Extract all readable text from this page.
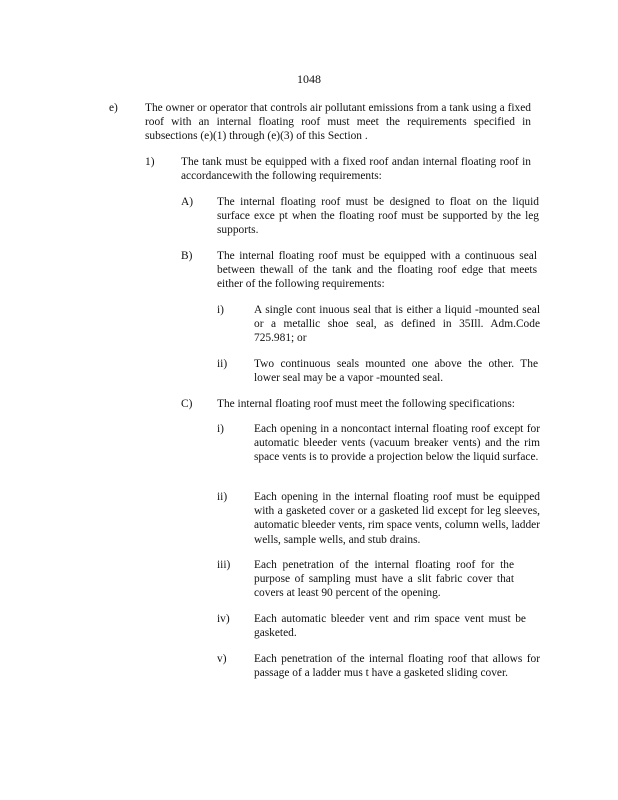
1048
e) The owner or operator that controls air pollutant emissions from a tank using a fixed roof with an internal floating roof must meet the requirements specified in subsections (e)(1) through (e)(3) of this Section .
1) The tank must be equipped with a fixed roof andan internal floating roof in accordancewith the following requirements:
A) The internal floating roof must be designed to float on the liquid surface exce pt when the floating roof must be supported by the leg supports.
B) The internal floating roof must be equipped with a continuous seal between thewall of the tank and the floating roof edge that meets either of the following requirements:
i)	A single cont inuous seal that is either a liquid -mounted seal or a metallic shoe seal, as defined in 35Ill. Adm.Code 725.981; or
ii) Two continuous seals mounted one above the other. The lower seal may be a vapor -mounted seal.
C) The internal floating roof must meet the following specifications:
i)	Each opening in a noncontact internal floating roof except for automatic bleeder vents (vacuum breaker vents) and the rim space vents is to provide a projection below the liquid surface.
ii) Each opening in the internal floating roof must be equipped with a gasketed cover or a gasketed lid except for leg sleeves, automatic bleeder vents, rim space vents, column wells, ladder wells, sample wells, and stub drains.
iii) Each penetration of the internal floating roof for the purpose of sampling must have a slit fabric cover that covers at least 90 percent of the opening.
iv) Each automatic bleeder vent and rim space vent must be gasketed.
v) Each penetration of the internal floating roof that allows for passage of a ladder mus t have a gasketed sliding cover.
